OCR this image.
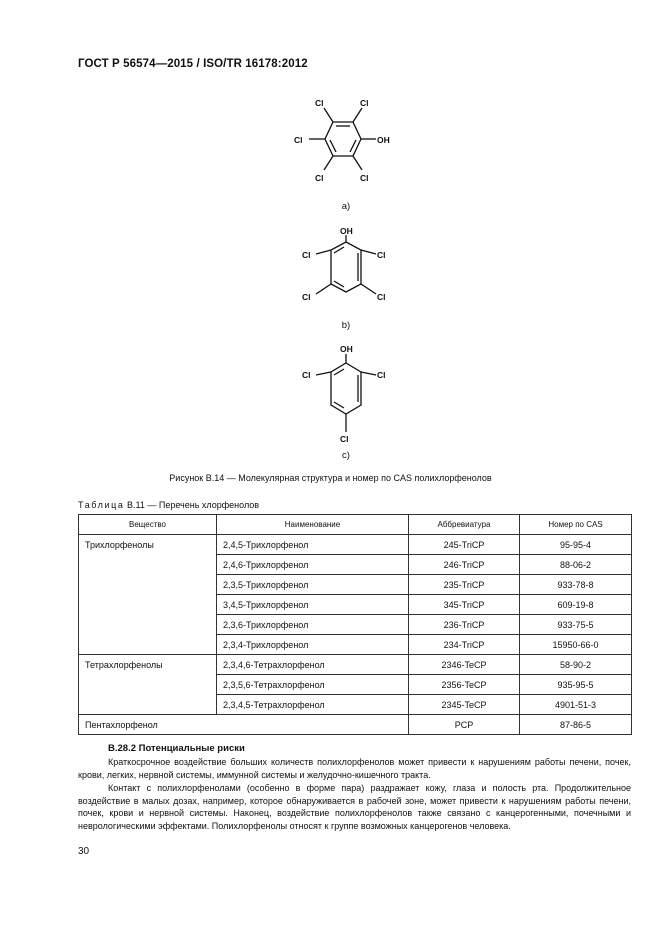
ГОСТ Р 56574—2015 / ISO/TR 16178:2012
Cl	Cl
Cl	OH
Cl	Cl
a)
OH
Cl	Cl
Cl	Cl
b)
OH
Cl	Cl
Cl
c)
Рисунок В.14 — Молекулярная структура и номер по CAS полихлорфенолов
Таблица В.11 — Перечень хлорфенолов
Вещество	Наименование	Аббревиатура	Номер по CAS
Трихлорфенолы	2,4,5-Трихлорфенол	245-TriCP	95-95-4
	2,4,6-Трихлорфенол	246-TriCP	88-06-2
	2,3,5-Трихлорфенол	235-TriCP	933-78-8
	3,4,5-Трихлорфенол	345-TriCP	609-19-8
	2,3,6-Трихлорфенол	236-TriCP	933-75-5
	2,3,4-Трихлорфенол	234-TriCP	15950-66-0
Тетрахлорфенолы	2,3,4,6-Тетрахлорфенол	2346-TeCP	58-90-2
	2,3,5,6-Тетрахлорфенол	2356-TeCP	935-95-5
	2,3,4,5-Тетрахлорфенол	2345-TeCP	4901-51-3
Пентахлорфенол		PCP	87-86-5
В.28.2 Потенциальные риски
Краткосрочное воздействие больших количеств полихлорфенолов может привести к нарушениям работы печени, почек, крови, легких, нервной системы, иммунной системы и желудочно-кишечного тракта.
Контакт с полихлорфенолами (особенно в форме пара) раздражает кожу, глаза и полость рта. Продолжительное воздействие в малых дозах, например, которое обнаруживается в рабочей зоне, может привести к нарушениям работы печени, почек, крови и нервной системы. Наконец, воздействие полихлорфенолов также связано с канцерогенными, почечными и неврологическими эффектами. Полихлорфенолы относят к группе возможных канцерогенов человека.
30
